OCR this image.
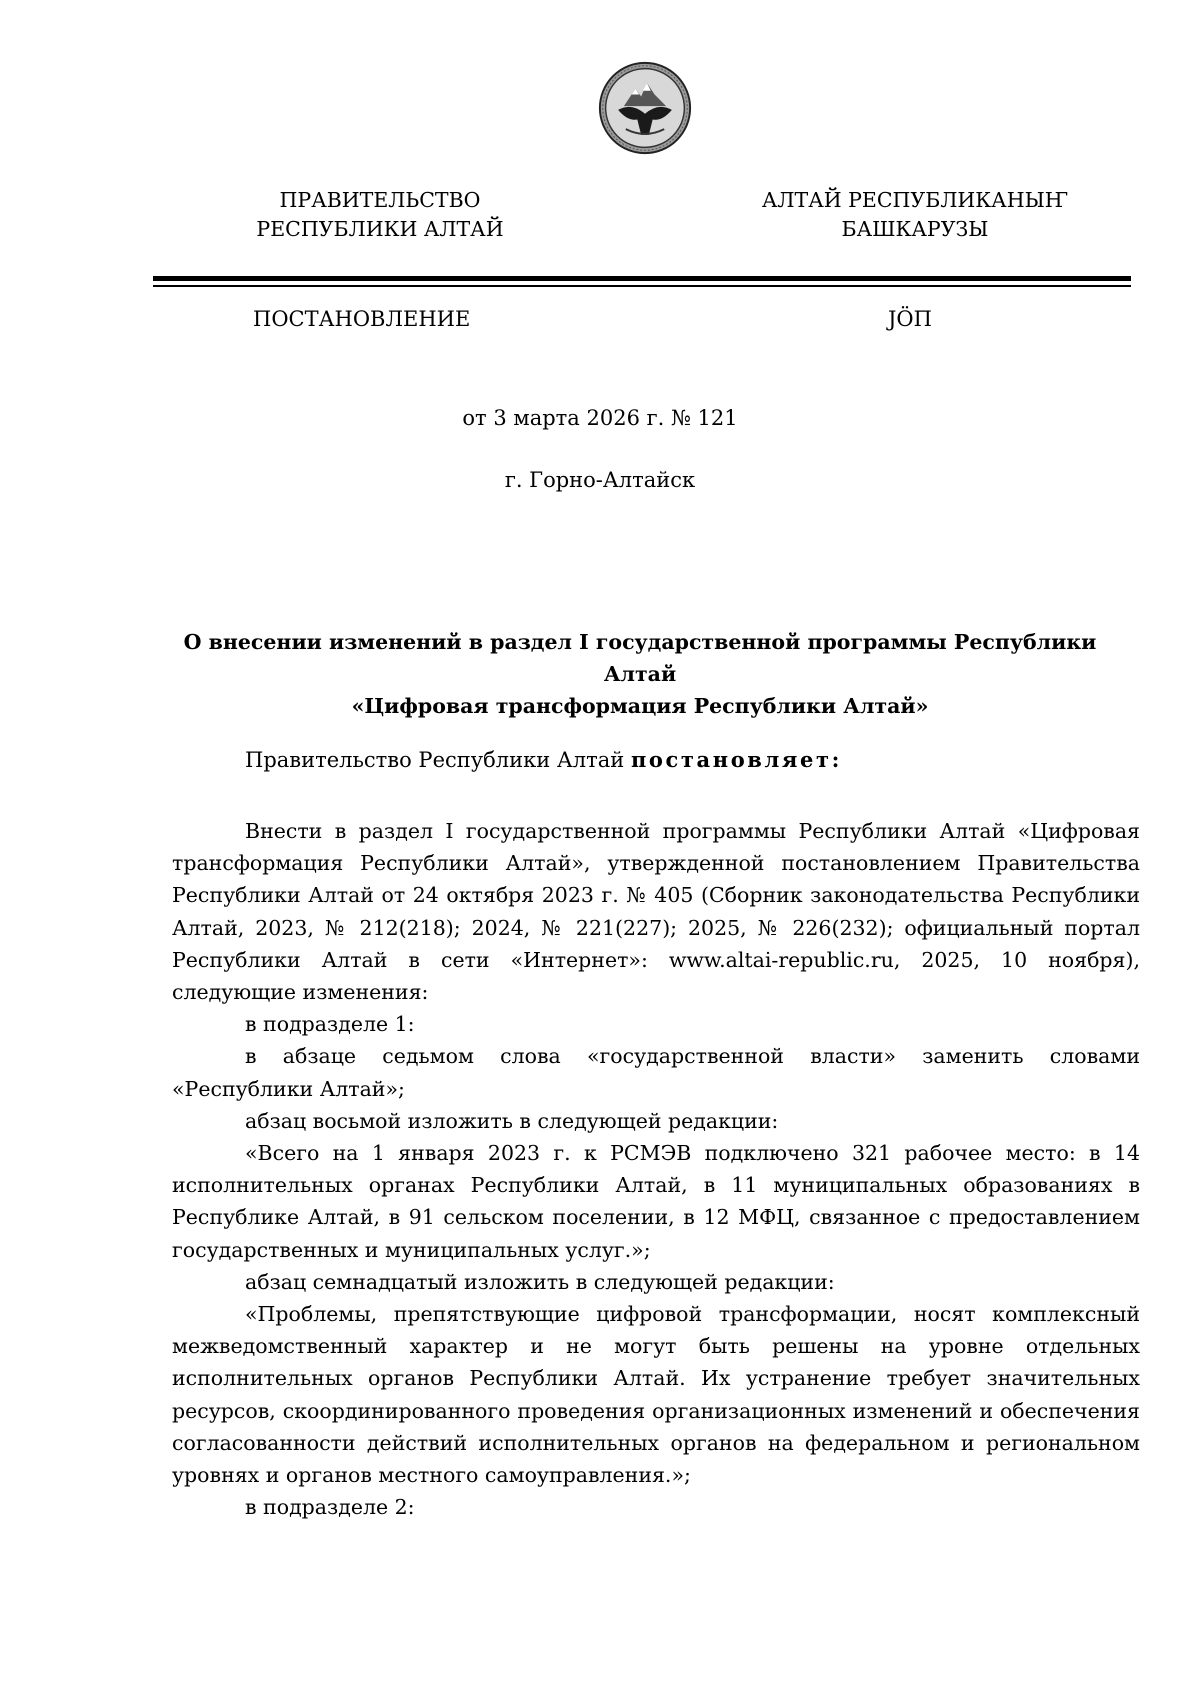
ПРАВИТЕЛЬСТВО
РЕСПУБЛИКИ АЛТАЙ
АЛТАЙ РЕСПУБЛИКАНЫҤ
БАШКАРУЗЫ
ПОСТАНОВЛЕНИЕ	JӦП
от 3 марта 2026 г. № 121
г. Горно-Алтайск
О внесении изменений в раздел I государственной программы Республики Алтай
«Цифровая трансформация Республики Алтай»
Правительство Республики Алтай постановляет:

Внести в раздел I государственной программы Республики Алтай «Цифровая трансформация Республики Алтай», утвержденной постановлением Правительства Республики Алтай от 24 октября 2023 г. № 405 (Сборник законодательства Республики Алтай, 2023, № 212(218); 2024, № 221(227); 2025, № 226(232); официальный портал Республики Алтай в сети «Интернет»: www.altai-republic.ru, 2025, 10 ноября), следующие изменения:

в подразделе 1:

в абзаце седьмом слова «государственной власти» заменить словами «Республики Алтай»;

абзац восьмой изложить в следующей редакции:

«Всего на 1 января 2023 г. к РСМЭВ подключено 321 рабочее место: в 14 исполнительных органах Республики Алтай, в 11 муниципальных образованиях в Республике Алтай, в 91 сельском поселении, в 12 МФЦ, связанное с предоставлением государственных и муниципальных услуг.»;

абзац семнадцатый изложить в следующей редакции:

«Проблемы, препятствующие цифровой трансформации, носят комплексный межведомственный характер и не могут быть решены на уровне отдельных исполнительных органов Республики Алтай. Их устранение требует значительных ресурсов, скоординированного проведения организационных изменений и обеспечения согласованности действий исполнительных органов на федеральном и региональном уровнях и органов местного самоуправления.»;

в подразделе 2:
